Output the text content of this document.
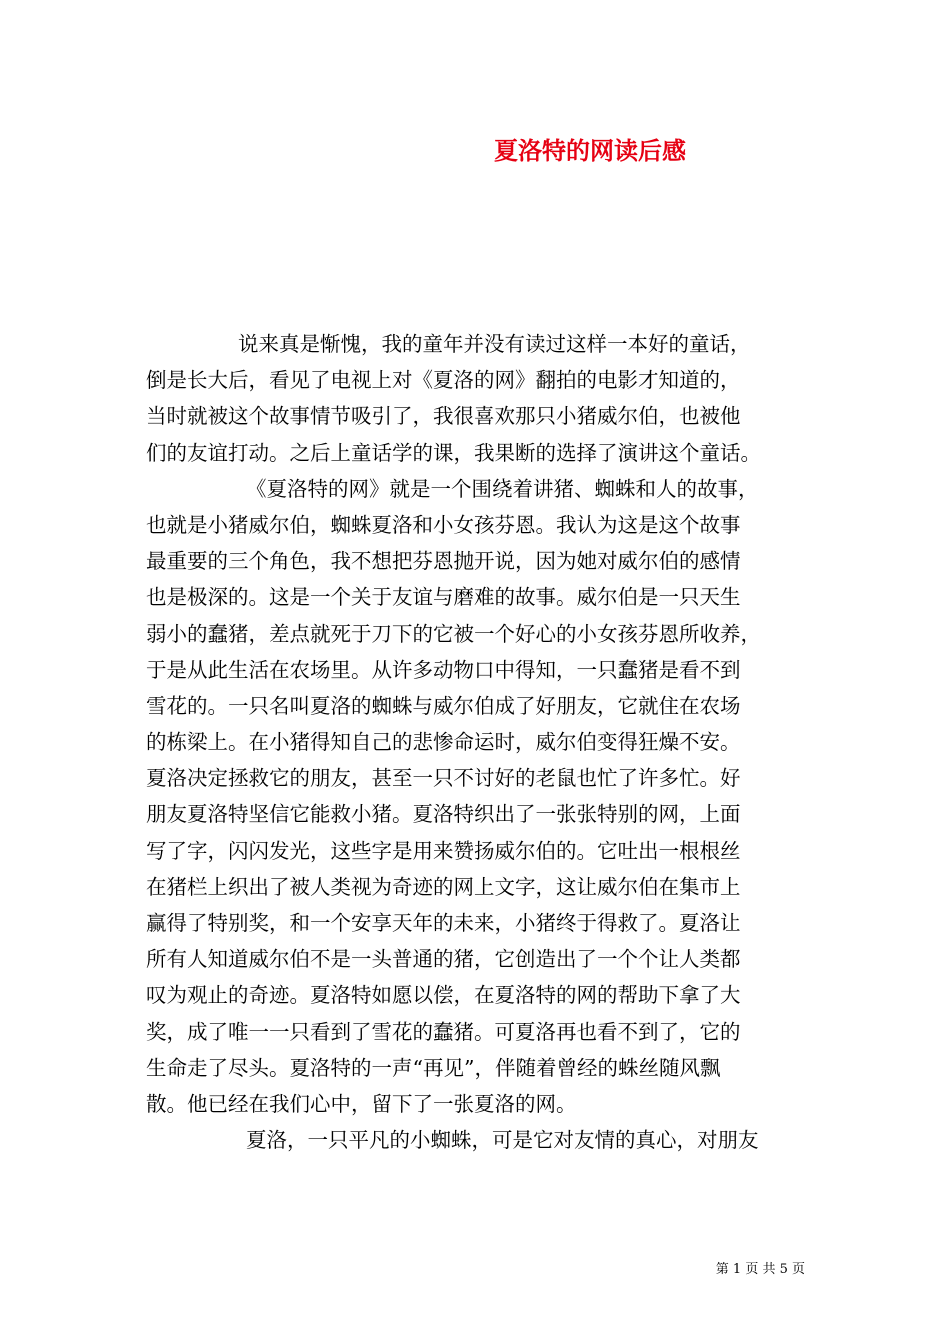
夏洛特的网读后感
说来真是惭愧，我的童年并没有读过这样一本好的童话，
倒是长大后，看见了电视上对《夏洛的网》翻拍的电影才知道的，
当时就被这个故事情节吸引了，我很喜欢那只小猪威尔伯，也被他
们的友谊打动。之后上童话学的课，我果断的选择了演讲这个童话。
《夏洛特的网》就是一个围绕着讲猪、蜘蛛和人的故事，
也就是小猪威尔伯，蜘蛛夏洛和小女孩芬恩。我认为这是这个故事
最重要的三个角色，我不想把芬恩抛开说，因为她对威尔伯的感情
也是极深的。这是一个关于友谊与磨难的故事。威尔伯是一只天生
弱小的蠢猪，差点就死于刀下的它被一个好心的小女孩芬恩所收养，
于是从此生活在农场里。从许多动物口中得知，一只蠢猪是看不到
雪花的。一只名叫夏洛的蜘蛛与威尔伯成了好朋友，它就住在农场
的栋梁上。在小猪得知自己的悲惨命运时，威尔伯变得狂燥不安。
夏洛决定拯救它的朋友，甚至一只不讨好的老鼠也忙了许多忙。好
朋友夏洛特坚信它能救小猪。夏洛特织出了一张张特别的网，上面
写了字，闪闪发光，这些字是用来赞扬威尔伯的。它吐出一根根丝
在猪栏上织出了被人类视为奇迹的网上文字，这让威尔伯在集市上
赢得了特别奖，和一个安享天年的未来，小猪终于得救了。夏洛让
所有人知道威尔伯不是一头普通的猪，它创造出了一个个让人类都
叹为观止的奇迹。夏洛特如愿以偿，在夏洛特的网的帮助下拿了大
奖，成了唯一一只看到了雪花的蠢猪。可夏洛再也看不到了，它的
生命走了尽头。夏洛特的一声“再见”，伴随着曾经的蛛丝随风飘
散。他已经在我们心中，留下了一张夏洛的网。
夏洛，一只平凡的小蜘蛛，可是它对友情的真心，对朋友
第 1 页 共 5 页
